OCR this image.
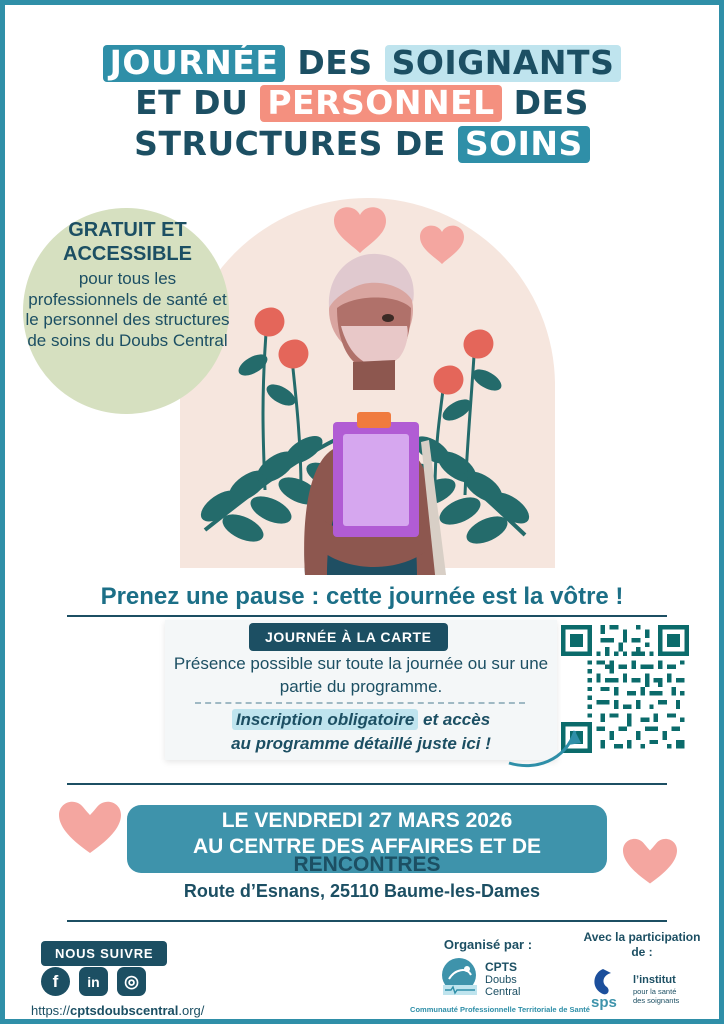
JOURNÉE DES SOIGNANTS
ET DU PERSONNEL DES
STRUCTURES DE SOINS
GRATUIT ET ACCESSIBLE
pour tous les professionnels de santé et le personnel des structures de soins du Doubs Central
Prenez une pause : cette journée est la vôtre !
JOURNÉE À LA CARTE
Présence possible sur toute la journée ou sur une partie du programme.
Inscription obligatoire et accès
au programme détaillé juste ici !
LE VENDREDI 27 MARS 2026
AU CENTRE DES AFFAIRES ET DE
RENCONTRES
Route d’Esnans, 25110 Baume-les-Dames
NOUS SUIVRE
f	in	◎
https://cptsdoubscentral.org/
Organisé par :
CPTS
Doubs
Central
Communauté Professionnelle Territoriale de Santé
Avec la participation de :
sps
l’institut
pour la santé
des soignants
